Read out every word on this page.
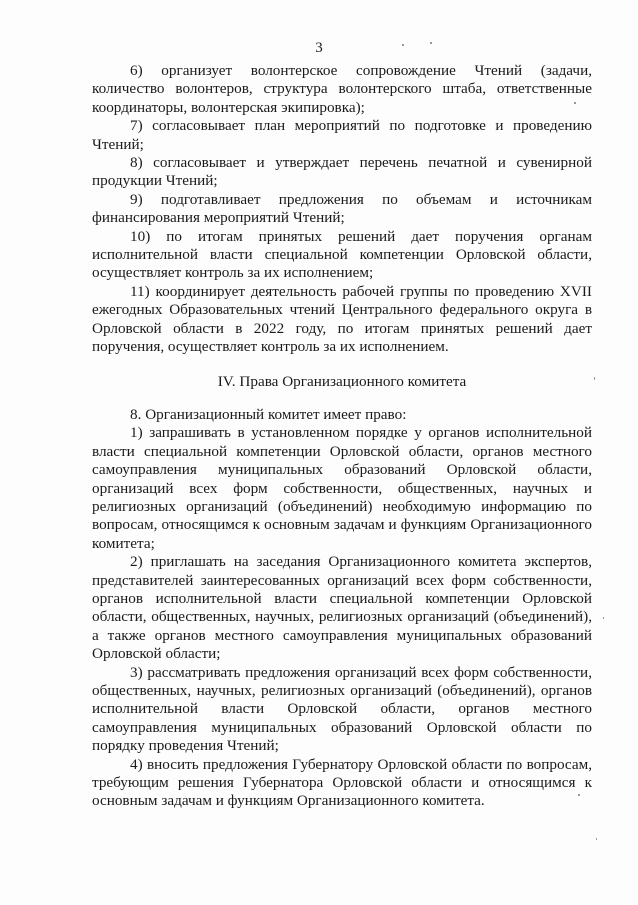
3

6) организует волонтерское сопровождение Чтений (задачи, количество волонтеров, структура волонтерского штаба, ответственные координаторы, волонтерская экипировка);

7) согласовывает план мероприятий по подготовке и проведению Чтений;

8) согласовывает и утверждает перечень печатной и сувенирной продукции Чтений;

9) подготавливает предложения по объемам и источникам финансирования мероприятий Чтений;

10) по итогам принятых решений дает поручения органам исполнительной власти специальной компетенции Орловской области, осуществляет контроль за их исполнением;

11) координирует деятельность рабочей группы по проведению XVII ежегодных Образовательных чтений Центрального федерального округа в Орловской области в 2022 году, по итогам принятых решений дает поручения, осуществляет контроль за их исполнением.

IV. Права Организационного комитета

8. Организационный комитет имеет право:

1) запрашивать в установленном порядке у органов исполнительной власти специальной компетенции Орловской области, органов местного самоуправления муниципальных образований Орловской области, организаций всех форм собственности, общественных, научных и религиозных организаций (объединений) необходимую информацию по вопросам, относящимся к основным задачам и функциям Организационного комитета;

2) приглашать на заседания Организационного комитета экспертов, представителей заинтересованных организаций всех форм собственности, органов исполнительной власти специальной компетенции Орловской области, общественных, научных, религиозных организаций (объединений), а также органов местного самоуправления муниципальных образований Орловской области;

3) рассматривать предложения организаций всех форм собственности, общественных, научных, религиозных организаций (объединений), органов исполнительной власти Орловской области, органов местного самоуправления муниципальных образований Орловской области по порядку проведения Чтений;

4) вносить предложения Губернатору Орловской области по вопросам, требующим решения Губернатора Орловской области и относящимся к основным задачам и функциям Организационного комитета.
